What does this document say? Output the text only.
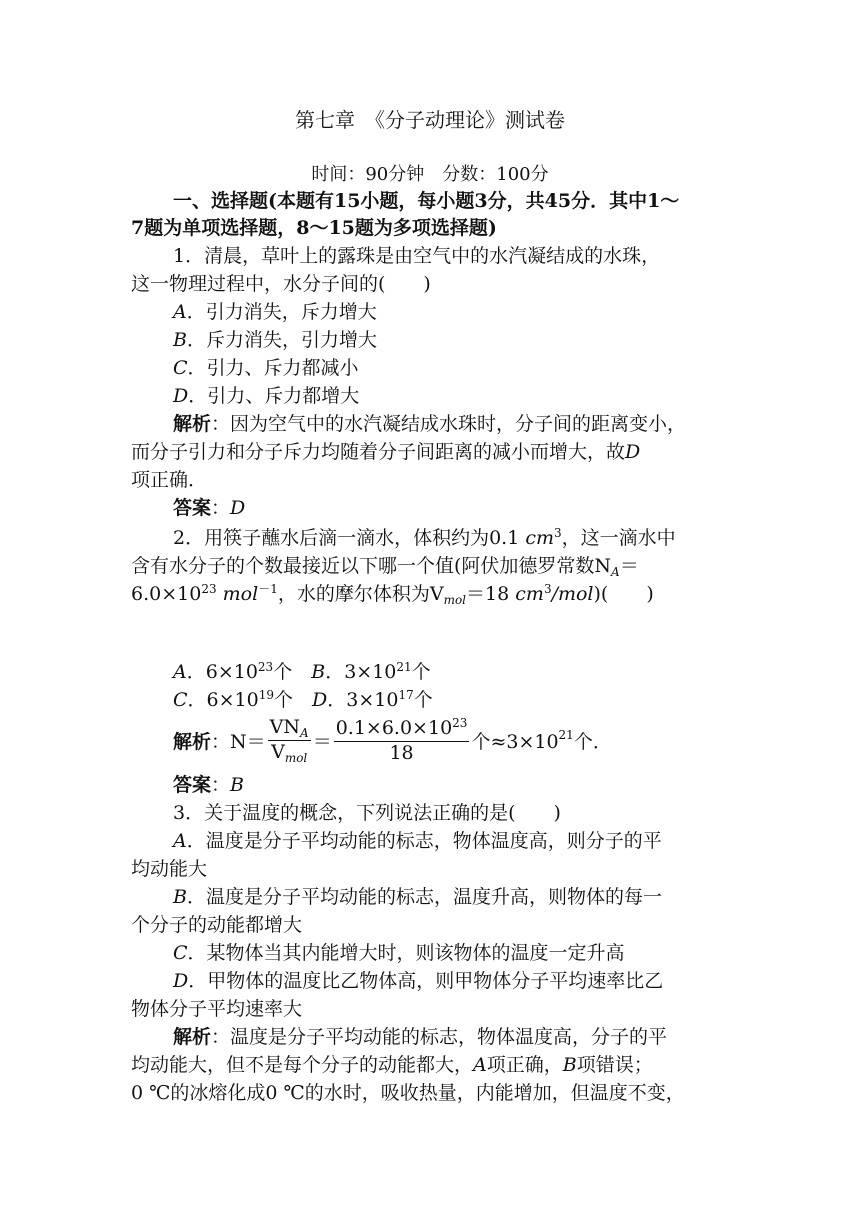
第七章　《分子动理论》测试卷
时间：90分钟　分数：100分
一、选择题(本题有15小题，每小题3分，共45分．其中1～
7题为单项选择题，8～15题为多项选择题)
1．清晨，草叶上的露珠是由空气中的水汽凝结成的水珠，
这一物理过程中，水分子间的(　　)
A．引力消失，斥力增大
B．斥力消失，引力增大
C．引力、斥力都减小
D．引力、斥力都增大
解析：因为空气中的水汽凝结成水珠时，分子间的距离变小，
而分子引力和分子斥力均随着分子间距离的减小而增大，故D
项正确．
答案：D
2．用筷子蘸水后滴一滴水，体积约为0.1 $cm^3$，这一滴水中
含有水分子的个数最接近以下哪一个值(阿伏加德罗常数$N_A=$
$6.0\times 10^{23}$ mol$^{-1}$，水的摩尔体积为$V_{mol}=18$ $cm^3/mol$)(　　)
A．$6\times 10^{23}$个　 B．$3\times 10^{21}$个
C．$6\times 10^{19}$个　 D．$3\times 10^{17}$个
解析：$N= \frac{VN_A}{V_{mol}} = \frac{0.1\times 6.0\times 10^{23}}{18}$ 个$\approx 3\times 10^{21}$个．
答案：B
3．关于温度的概念，下列说法正确的是(　　)
A．温度是分子平均动能的标志，物体温度高，则分子的平
均动能大
B．温度是分子平均动能的标志，温度升高，则物体的每一
个分子的动能都增大
C．某物体当其内能增大时，则该物体的温度一定升高
D．甲物体的温度比乙物体高，则甲物体分子平均速率比乙
物体分子平均速率大
解析：温度是分子平均动能的标志，物体温度高，分子的平
均动能大，但不是每个分子的动能都大，A项正确，B项错误；
0 ℃的冰熔化成0 ℃的水时，吸收热量，内能增加，但温度不变，
